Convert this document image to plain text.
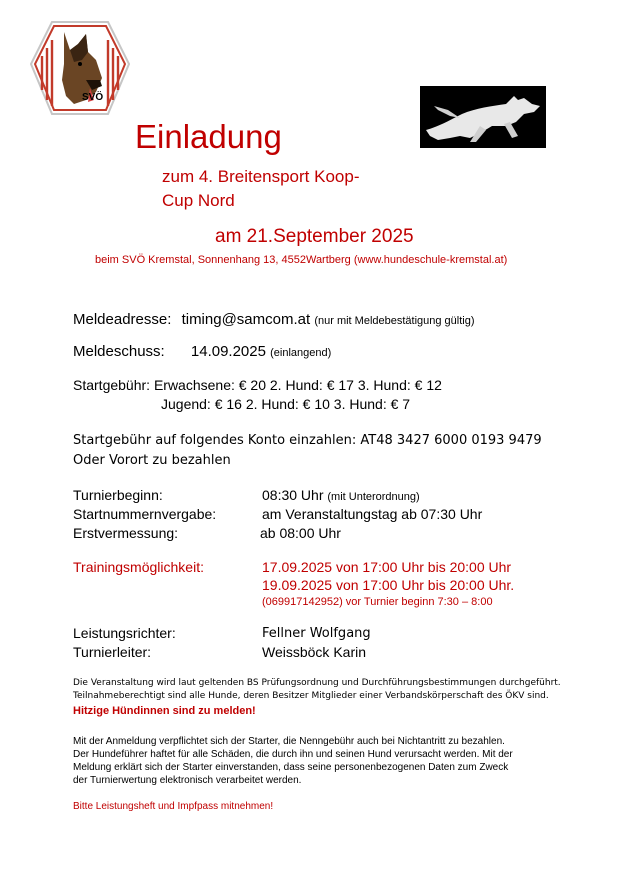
SVÖ
Einladung
zum 4. Breitensport Koop-
Cup Nord
am 21.September 2025
beim SVÖ Kremstal, Sonnenhang 13, 4552Wartberg (www.hundeschule-kremstal.at)
Meldeadresse: timing@samcom.at (nur mit Meldebestätigung gültig)
Meldeschuss: 14.09.2025 (einlangend)
Startgebühr: Erwachsene: € 20 2. Hund: € 17 3. Hund: € 12
Jugend: € 16 2. Hund: € 10 3. Hund: € 7
Startgebühr auf folgendes Konto einzahlen: AT48 3427 6000 0193 9479
Oder Vorort zu bezahlen
Turnierbeginn:	08:30 Uhr (mit Unterordnung)
Startnummernvergabe:	am Veranstaltungstag ab 07:30 Uhr
Erstvermessung:	ab 08:00 Uhr
Trainingsmöglichkeit:	17.09.2025 von 17:00 Uhr bis 20:00 Uhr
19.09.2025 von 17:00 Uhr bis 20:00 Uhr.
(069917142952) vor Turnier beginn 7:30 – 8:00
Leistungsrichter:	Fellner Wolfgang
Turnierleiter:	Weissböck Karin
Die Veranstaltung wird laut geltenden BS Prüfungsordnung und Durchführungsbestimmungen durchgeführt.
Teilnahmeberechtigt sind alle Hunde, deren Besitzer Mitglieder einer Verbandskörperschaft des ÖKV sind.
Hitzige Hündinnen sind zu melden!
Mit der Anmeldung verpflichtet sich der Starter, die Nenngebühr auch bei Nichtantritt zu bezahlen.
Der Hundeführer haftet für alle Schäden, die durch ihn und seinen Hund verursacht werden. Mit der
Meldung erklärt sich der Starter einverstanden, dass seine personenbezogenen Daten zum Zweck
der Turnierwertung elektronisch verarbeitet werden.
Bitte Leistungsheft und Impfpass mitnehmen!
